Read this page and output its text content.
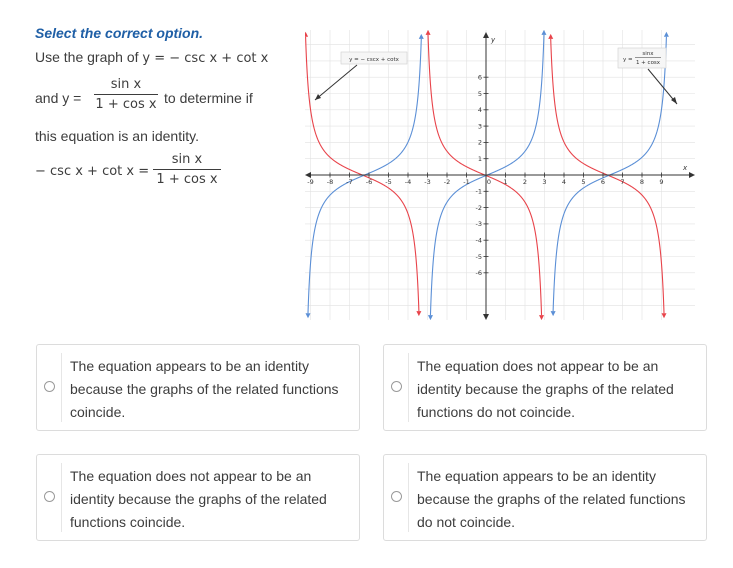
Select the correct option.
Use the graph of y = − csc x + cot x
and y =
sin x
1 + cos x to determine if
this equation is an identity.
− csc x + cot x =
sin x
1 + cos x
y
x
-9 -8 -7 -6 -5 -4 -3 -2 -1	0 1 2 3 4 5 6 7 8 9
6
5
4
3
2
1
-1
-2
-3
-4
-5
-6
y = − cscx + cotx	y =
sinx
1 + cosx
The equation appears to be an identity because the graphs of the related functions coincide.
The equation does not appear to be an identity because the graphs of the related functions do not coincide.
The equation does not appear to be an identity because the graphs of the related functions coincide.
The equation appears to be an identity because the graphs of the related functions do not coincide.
